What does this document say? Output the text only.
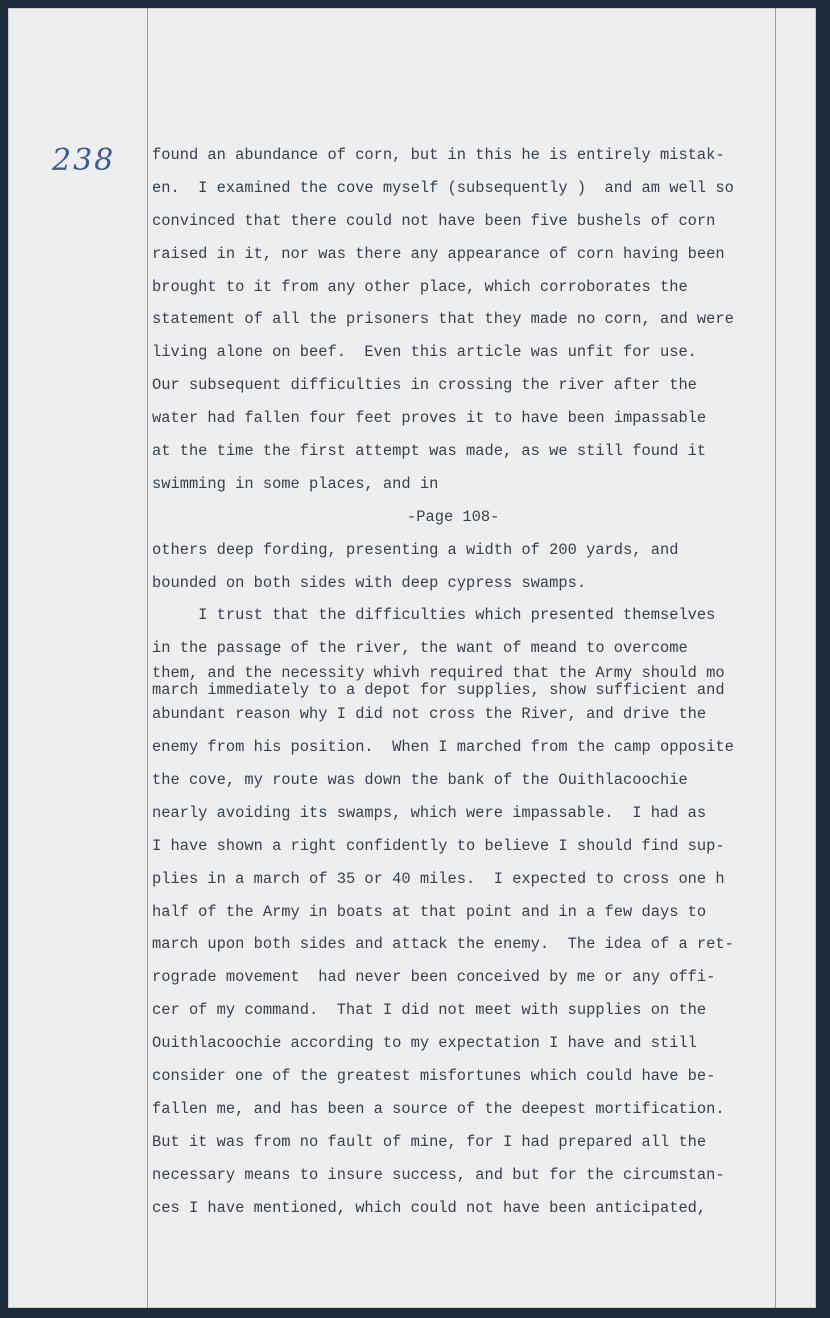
238 found an abundance of corn, but in this he is entirely mistak-
en.  I examined the cove myself (subsequently )  and am well so
convinced that there could not have been five bushels of corn
raised in it, nor was there any appearance of corn having been
brought to it from any other place, which corroborates the
statement of all the prisoners that they made no corn, and were
living alone on beef.  Even this article was unfit for use.
Our subsequent difficulties in crossing the river after the
water had fallen four feet proves it to have been impassable
at the time the first attempt was made, as we still found it
swimming in some places, and in
-Page 108-
others deep fording, presenting a width of 200 yards, and
bounded on both sides with deep cypress swamps.
I trust that the difficulties which presented themselves
in the passage of the river, the want of meand to overcome
them, and the necessity whivh required that the Army should mo
march immediately to a depot for supplies, show sufficient and
abundant reason why I did not cross the River, and drive the
enemy from his position.  When I marched from the camp opposite
the cove, my route was down the bank of the Ouithlacoochie
nearly avoiding its swamps, which were impassable.  I had as
I have shown a right confidently to believe I should find sup-
plies in a march of 35 or 40 miles.  I expected to cross one h
half of the Army in boats at that point and in a few days to
march upon both sides and attack the enemy.  The idea of a ret-
rograde movement  had never been conceived by me or any offi-
cer of my command.  That I did not meet with supplies on the
Ouithlacoochie according to my expectation I have and still
consider one of the greatest misfortunes which could have be-
fallen me, and has been a source of the deepest mortification.
But it was from no fault of mine, for I had prepared all the
necessary means to insure success, and but for the circumstan-
ces I have mentioned, which could not have been anticipated,
